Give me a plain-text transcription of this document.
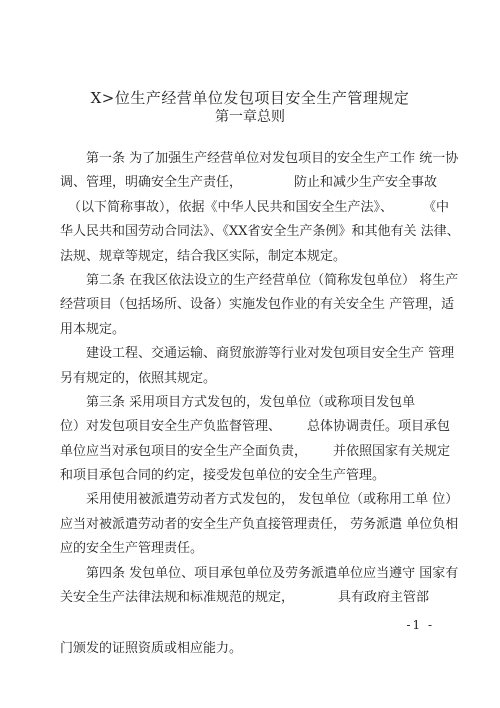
X>位生产经营单位发包项目安全生产管理规定
第一章总则
第一条 为了加强生产经营单位对发包项目的安全生产工作 统一协
调、管理，明确安全生产责任，	防止和减少生产安全事故
（以下简称事故），依据《中华人民共和国安全生产法》、 《中
华人民共和国劳动合同法》、《XX省安全生产条例》和其他有关 法律、
法规、规章等规定，结合我区实际，制定本规定。
第二条 在我区依法设立的生产经营单位（简称发包单位） 将生产
经营项目（包括场所、设备）实施发包作业的有关安全生 产管理，适
用本规定。
建设工程、交通运输、商贸旅游等行业对发包项目安全生产 管理
另有规定的，依照其规定。
第三条 采用项目方式发包的，发包单位（或称项目发包单
位）对发包项目安全生产负监督管理、 总体协调责任。项目承包
单位应当对承包项目的安全生产全面负责， 并依照国家有关规定
和项目承包合同的约定，接受发包单位的安全生产管理。
采用使用被派遣劳动者方式发包的， 发包单位（或称用工单 位）
应当对被派遣劳动者的安全生产负直接管理责任， 劳务派遣 单位负相
应的安全生产管理责任。
第四条 发包单位、项目承包单位及劳务派遣单位应当遵守 国家有
关安全生产法律法规和标准规范的规定，	具有政府主管部
-1 -
门颁发的证照资质或相应能力。
